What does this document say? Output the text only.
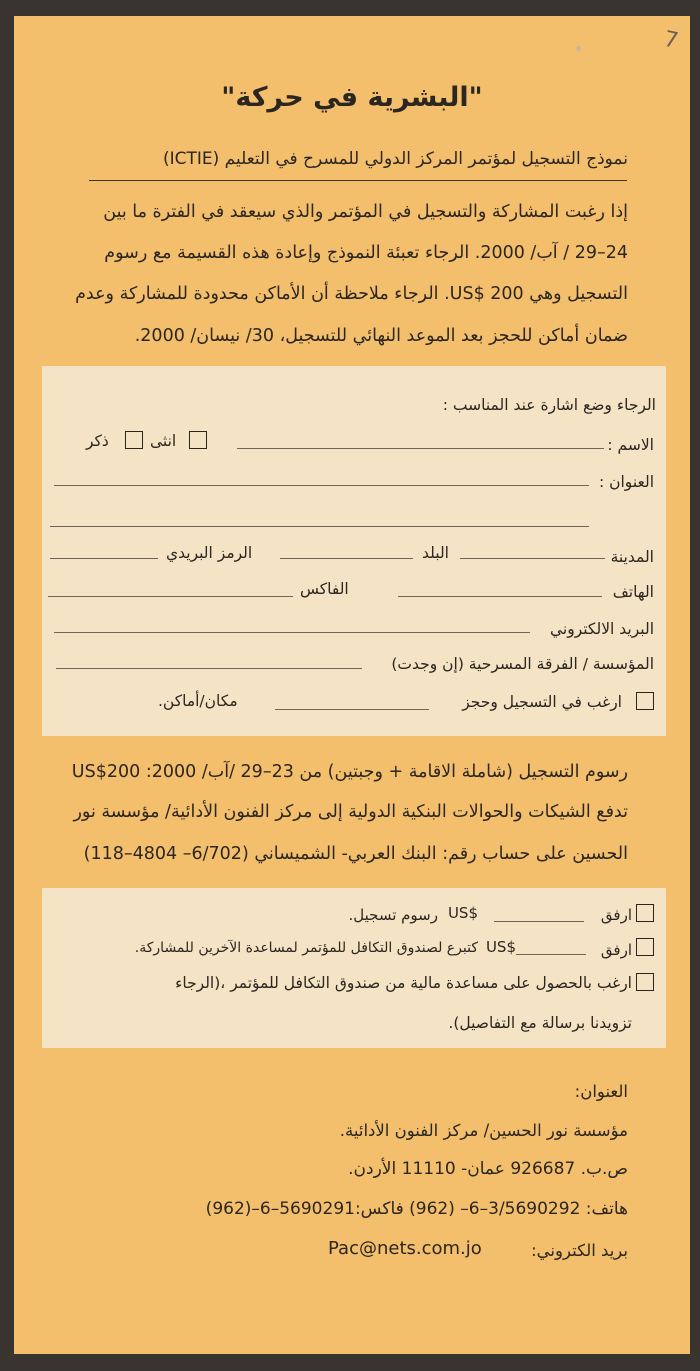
7
"البشرية في حركة"
نموذج التسجيل لمؤتمر المركز الدولي للمسرح في التعليم (ICTIE)
إذا رغبت المشاركة والتسجيل في المؤتمر والذي سيعقد في الفترة ما بين
24–29 / آب/ 2000. الرجاء تعبئة النموذج وإعادة هذه القسيمة مع رسوم
التسجيل وهي 200 $US. الرجاء ملاحظة أن الأماكن محدودة للمشاركة وعدم
ضمان أماكن للحجز بعد الموعد النهائي للتسجيل، 30/ نيسان/ 2000.
الرجاء وضع اشارة عند المناسب :
الاسم :
انثى
ذكر
العنوان :
المدينة
البلد
الرمز البريدي
الهاتف
الفاكس
البريد الالكتروني
المؤسسة / الفرقة المسرحية (إن وجدت)
ارغب في التسجيل وحجز
مكان/أماكن.
رسوم التسجيل (شاملة الاقامة + وجبتين) من 23–29 /آب/ 2000: US$200
تدفع الشيكات والحوالات البنكية الدولية إلى مركز الفنون الأدائية/ مؤسسة نور
الحسين على حساب رقم: البنك العربي- الشميساني (6/702– 4804–118)
ارفق
$US
رسوم تسجيل.
ارفق
$US
كتبرع لصندوق التكافل للمؤتمر لمساعدة الآخرين للمشاركة.
ارغب بالحصول على مساعدة مالية من صندوق التكافل للمؤتمر ،(الرجاء
تزويدنا برسالة مع التفاصيل).
العنوان:
مؤسسة نور الحسين/ مركز الفنون الأدائية.
ص.ب. 926687 عمان- 11110 الأردن.
هاتف: 3/5690292–6– (962) فاكس:5690291–6–(962)
بريد الكتروني:
Pac@nets.com.jo
